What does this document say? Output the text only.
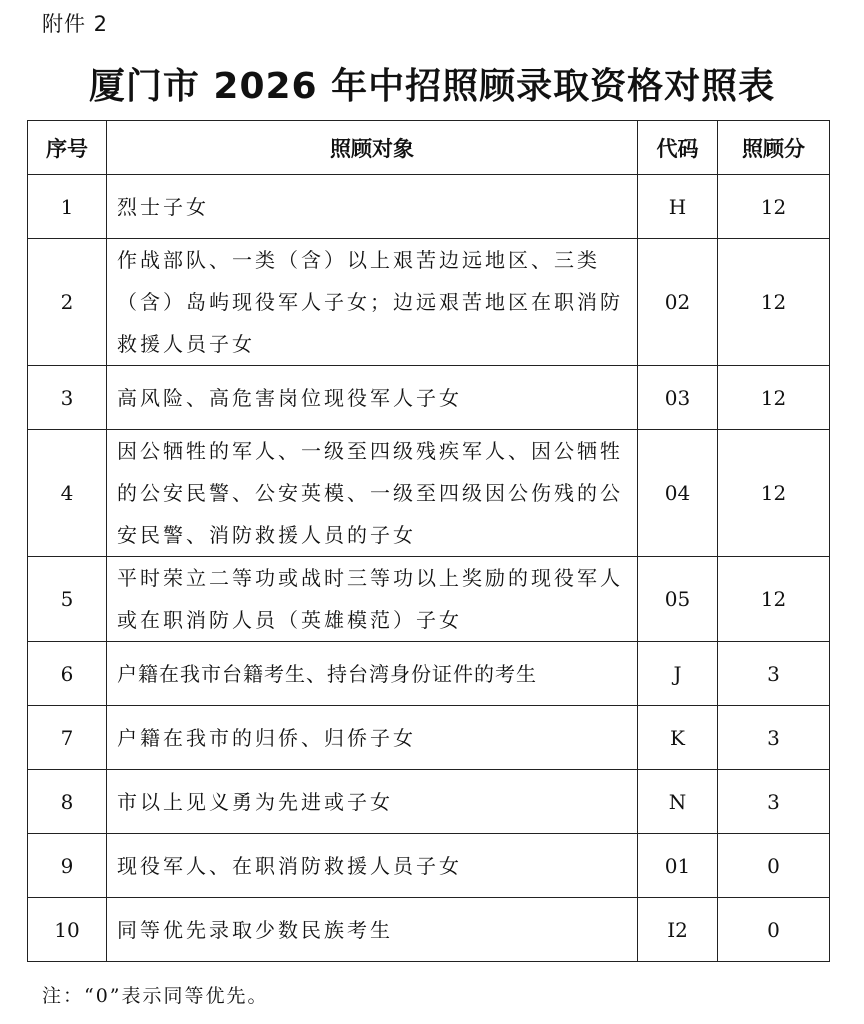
附件 2
厦门市 2026 年中招照顾录取资格对照表
序号	照顾对象	代码	照顾分
1	烈士子女	H	12
2	作战部队、一类（含）以上艰苦边远地区、三类（含）岛屿现役军人子女；边远艰苦地区在职消防救援人员子女	02	12
3	高风险、高危害岗位现役军人子女	03	12
4	因公牺牲的军人、一级至四级残疾军人、因公牺牲的公安民警、公安英模、一级至四级因公伤残的公安民警、消防救援人员的子女	04	12
5	平时荣立二等功或战时三等功以上奖励的现役军人或在职消防人员（英雄模范）子女	05	12
6	户籍在我市台籍考生、持台湾身份证件的考生	J	3
7	户籍在我市的归侨、归侨子女	K	3
8	市以上见义勇为先进或子女	N	3
9	现役军人、在职消防救援人员子女	01	0
10	同等优先录取少数民族考生	I2	0
注：“0”表示同等优先。
